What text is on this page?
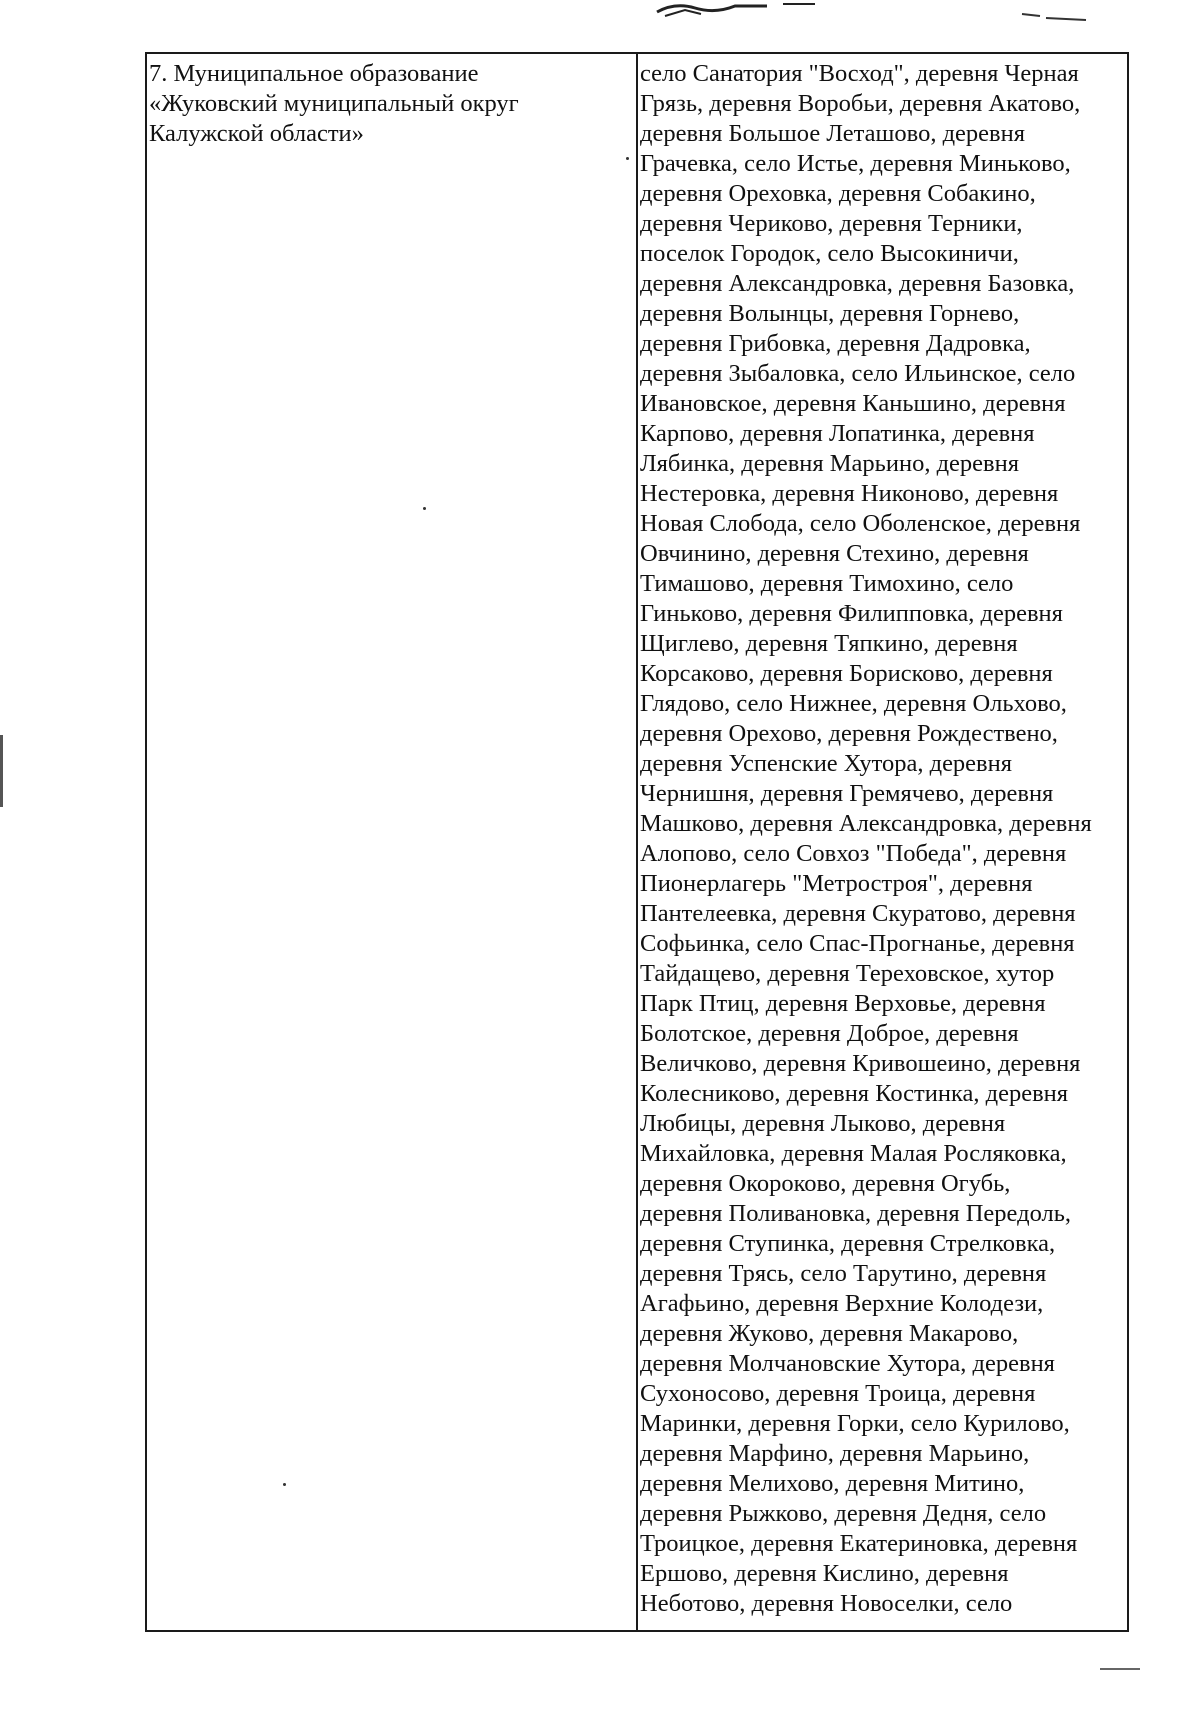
7. Муниципальное образование
«Жуковский муниципальный округ
Калужской области»
село Санатория "Восход", деревня Черная
Грязь, деревня Воробьи, деревня Акатово,
деревня Большое Леташово, деревня
Грачевка, село Истье, деревня Миньково,
деревня Ореховка, деревня Собакино,
деревня Чериково, деревня Терники,
поселок Городок, село Высокиничи,
деревня Александровка, деревня Базовка,
деревня Волынцы, деревня Горнево,
деревня Грибовка, деревня Дадровка,
деревня Зыбаловка, село Ильинское, село
Ивановское, деревня Каньшино, деревня
Карпово, деревня Лопатинка, деревня
Лябинка, деревня Марьино, деревня
Нестеровка, деревня Никоново, деревня
Новая Слобода, село Оболенское, деревня
Овчинино, деревня Стехино, деревня
Тимашово, деревня Тимохино, село
Гиньково, деревня Филипповка, деревня
Щиглево, деревня Тяпкино, деревня
Корсаково, деревня Борисково, деревня
Глядово, село Нижнее, деревня Ольхово,
деревня Орехово, деревня Рождествено,
деревня Успенские Хутора, деревня
Чернишня, деревня Гремячево, деревня
Машково, деревня Александровка, деревня
Алопово, село Совхоз "Победа", деревня
Пионерлагерь "Метростроя", деревня
Пантелеевка, деревня Скуратово, деревня
Софьинка, село Спас-Прогнанье, деревня
Тайдащево, деревня Тереховское, хутор
Парк Птиц, деревня Верховье, деревня
Болотское, деревня Доброе, деревня
Величково, деревня Кривошеино, деревня
Колесниково, деревня Костинка, деревня
Любицы, деревня Лыково, деревня
Михайловка, деревня Малая Росляковка,
деревня Окороково, деревня Огубь,
деревня Поливановка, деревня Передоль,
деревня Ступинка, деревня Стрелковка,
деревня Трясь, село Тарутино, деревня
Агафьино, деревня Верхние Колодези,
деревня Жуково, деревня Макарово,
деревня Молчановские Хутора, деревня
Сухоносово, деревня Троица, деревня
Маринки, деревня Горки, село Курилово,
деревня Марфино, деревня Марьино,
деревня Мелихово, деревня Митино,
деревня Рыжково, деревня Дедня, село
Троицкое, деревня Екатериновка, деревня
Ершово, деревня Кислино, деревня
Неботово, деревня Новоселки, село
